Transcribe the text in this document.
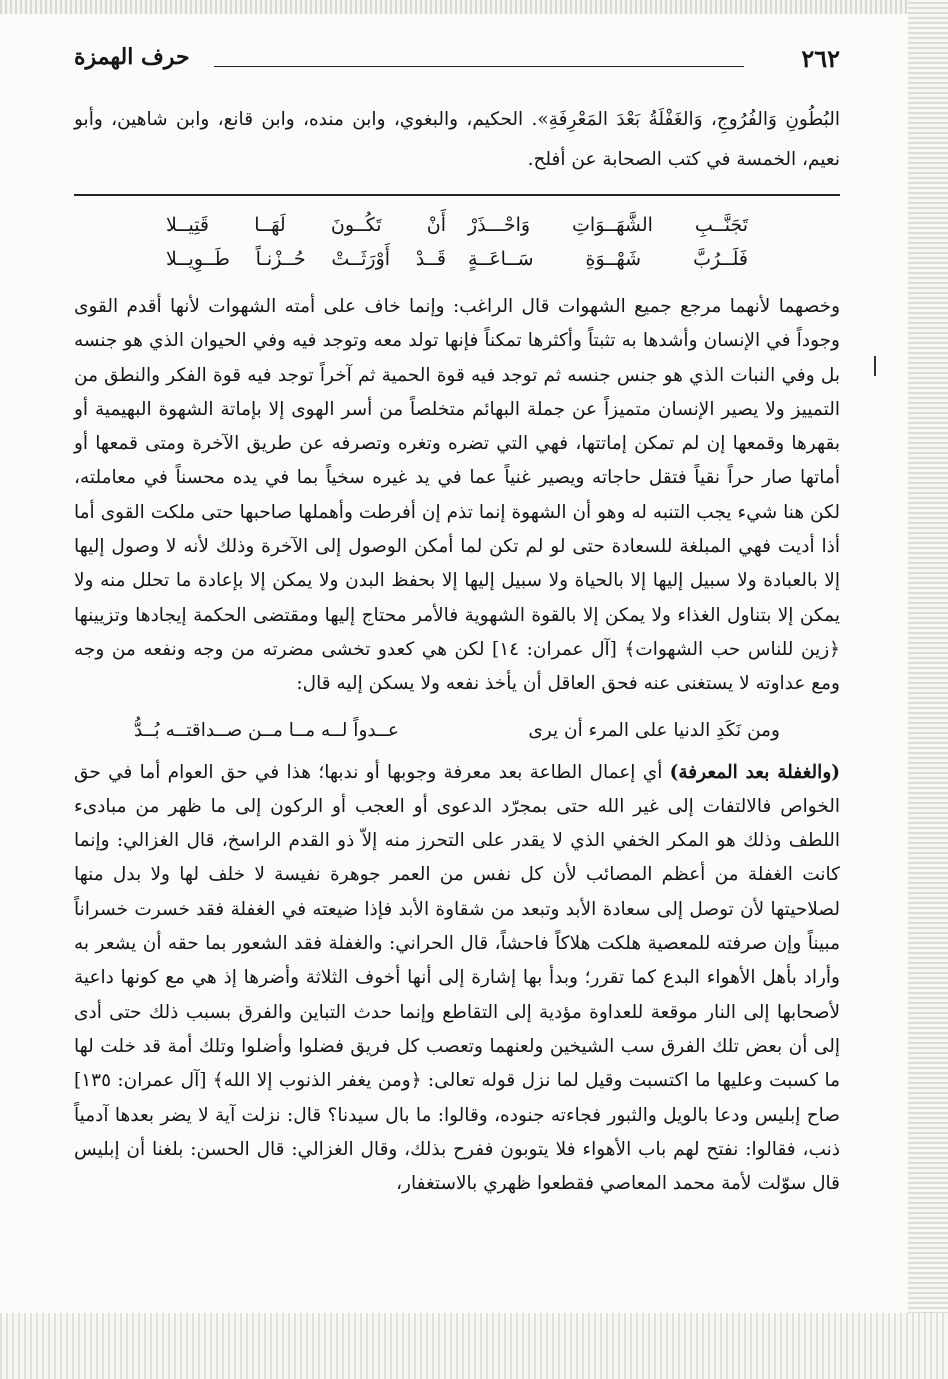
٢٦٢
حرف الهمزة
البُطُونِ وَالفُرُوجِ، وَالغَفْلَةُ بَعْدَ المَعْرِفَةِ». الحكيم، والبغوي، وابن منده، وابن قانع، وابن شاهين، وأبو نعيم، الخمسة في كتب الصحابة عن أفلح.
تَجَنَّــبِ الشَّهَــوَاتِ وَاحْـــذَرْ
أَنْ تَكُــونَ لَهَــا قَتِيــلا
فَلَــرُبَّ شَهْــوَةِ سَــاعَــةٍ
قَــدْ أَوْرَثَــتْ حُــزْنـاً طَــوِيــلا
وخصهما لأنهما مرجع جميع الشهوات قال الراغب: وإنما خاف على أمته الشهوات لأنها أقدم القوى وجوداً في الإنسان وأشدها به تثبتاً وأكثرها تمكناً فإنها تولد معه وتوجد فيه وفي الحيوان الذي هو جنسه بل وفي النبات الذي هو جنس جنسه ثم توجد فيه قوة الحمية ثم آخراً توجد فيه قوة الفكر والنطق من التمييز ولا يصير الإنسان متميزاً عن جملة البهائم متخلصاً من أسر الهوى إلا بإماتة الشهوة البهيمية أو بقهرها وقمعها إن لم تمكن إماتتها، فهي التي تضره وتغره وتصرفه عن طريق الآخرة ومتى قمعها أو أماتها صار حراً نقياً فتقل حاجاته ويصير غنياً عما في يد غيره سخياً بما في يده محسناً في معاملته، لكن هنا شيء يجب التنبه له وهو أن الشهوة إنما تذم إن أفرطت وأهملها صاحبها حتى ملكت القوى أما أذا أديت فهي المبلغة للسعادة حتى لو لم تكن لما أمكن الوصول إلى الآخرة وذلك لأنه لا وصول إليها إلا بالعبادة ولا سبيل إليها إلا بالحياة ولا سبيل إليها إلا بحفظ البدن ولا يمكن إلا بإعادة ما تحلل منه ولا يمكن إلا بتناول الغذاء ولا يمكن إلا بالقوة الشهوية فالأمر محتاج إليها ومقتضى الحكمة إيجادها وتزيينها ﴿زين للناس حب الشهوات﴾ [آل عمران: ١٤] لكن هي كعدو تخشى مضرته من وجه ونفعه من وجه ومع عداوته لا يستغنى عنه فحق العاقل أن يأخذ نفعه ولا يسكن إليه قال:
ومن نَكَدِ الدنيا على المرء أن يرى
عــدواً لــه مــا مــن صــداقتــه بُــدُّ
(والغفلة بعد المعرفة) أي إعمال الطاعة بعد معرفة وجوبها أو ندبها؛ هذا في حق العوام أما في حق الخواص فالالتفات إلى غير الله حتى بمجرّد الدعوى أو العجب أو الركون إلى ما ظهر من مبادىء اللطف وذلك هو المكر الخفي الذي لا يقدر على التحرز منه إلاّ ذو القدم الراسخ، قال الغزالي: وإنما كانت الغفلة من أعظم المصائب لأن كل نفس من العمر جوهرة نفيسة لا خلف لها ولا بدل منها لصلاحيتها لأن توصل إلى سعادة الأبد وتبعد من شقاوة الأبد فإذا ضيعته في الغفلة فقد خسرت خسراناً مبيناً وإن صرفته للمعصية هلكت هلاكاً فاحشاً، قال الحراني: والغفلة فقد الشعور بما حقه أن يشعر به وأراد بأهل الأهواء البدع كما تقرر؛ وبدأ بها إشارة إلى أنها أخوف الثلاثة وأضرها إذ هي مع كونها داعية لأصحابها إلى النار موقعة للعداوة مؤدية إلى التقاطع وإنما حدث التباين والفرق بسبب ذلك حتى أدى إلى أن بعض تلك الفرق سب الشيخين ولعنهما وتعصب كل فريق فضلوا وأضلوا وتلك أمة قد خلت لها ما كسبت وعليها ما اكتسبت وقيل لما نزل قوله تعالى: ﴿ومن يغفر الذنوب إلا الله﴾ [آل عمران: ١٣٥] صاح إبليس ودعا بالويل والثبور فجاءته جنوده، وقالوا: ما بال سيدنا؟ قال: نزلت آية لا يضر بعدها آدمياً ذنب، فقالوا: نفتح لهم باب الأهواء فلا يتوبون ففرح بذلك، وقال الغزالي: قال الحسن: بلغنا أن إبليس قال سوّلت لأمة محمد المعاصي فقطعوا ظهري بالاستغفار،
